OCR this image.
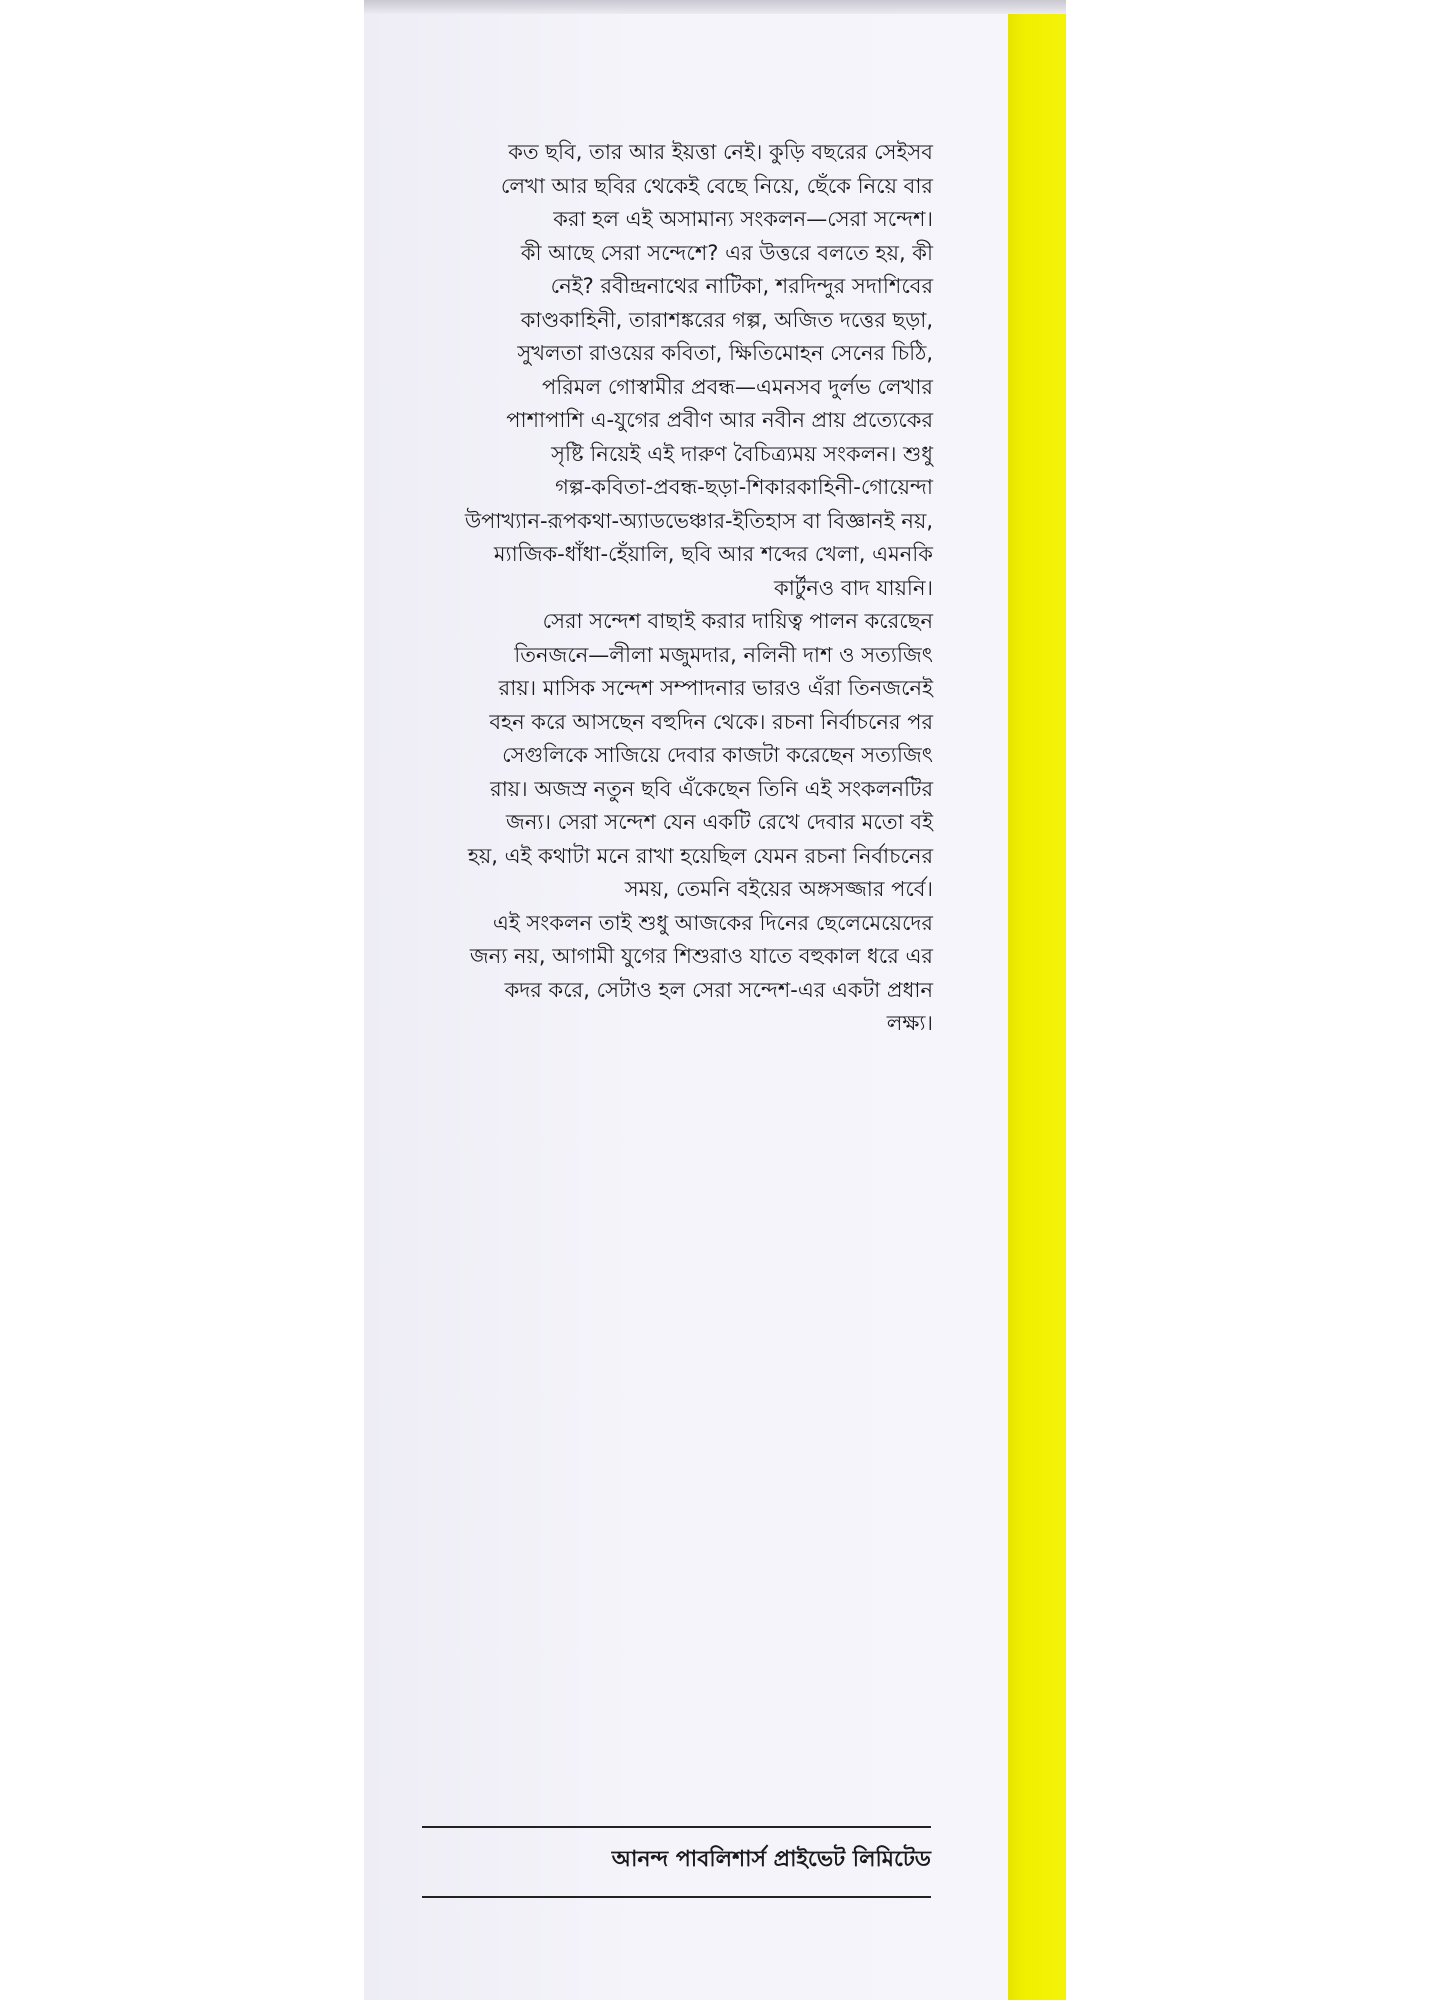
কত ছবি, তার আর ইয়ত্তা নেই। কুড়ি বছরের সেইসব
লেখা আর ছবির থেকেই বেছে নিয়ে, ছেঁকে নিয়ে বার
করা হল এই অসামান্য সংকলন—সেরা সন্দেশ।
কী আছে সেরা সন্দেশে? এর উত্তরে বলতে হয়, কী
নেই? রবীন্দ্রনাথের নাটিকা, শরদিন্দুর সদাশিবের
কাণ্ডকাহিনী, তারাশঙ্করের গল্প, অজিত দত্তের ছড়া,
সুখলতা রাওয়ের কবিতা, ক্ষিতিমোহন সেনের চিঠি,
পরিমল গোস্বামীর প্রবন্ধ—এমনসব দুর্লভ লেখার
পাশাপাশি এ-যুগের প্রবীণ আর নবীন প্রায় প্রত্যেকের
সৃষ্টি নিয়েই এই দারুণ বৈচিত্র্যময় সংকলন। শুধু
গল্প-কবিতা-প্রবন্ধ-ছড়া-শিকারকাহিনী-গোয়েন্দা
উপাখ্যান-রূপকথা-অ্যাডভেঞ্চার-ইতিহাস বা বিজ্ঞানই নয়,
ম্যাজিক-ধাঁধা-হেঁয়ালি, ছবি আর শব্দের খেলা, এমনকি
কার্টুনও বাদ যায়নি।
সেরা সন্দেশ বাছাই করার দায়িত্ব পালন করেছেন
তিনজনে—লীলা মজুমদার, নলিনী দাশ ও সত্যজিৎ
রায়। মাসিক সন্দেশ সম্পাদনার ভারও এঁরা তিনজনেই
বহন করে আসছেন বহুদিন থেকে। রচনা নির্বাচনের পর
সেগুলিকে সাজিয়ে দেবার কাজটা করেছেন সত্যজিৎ
রায়। অজস্র নতুন ছবি এঁকেছেন তিনি এই সংকলনটির
জন্য। সেরা সন্দেশ যেন একটি রেখে দেবার মতো বই
হয়, এই কথাটা মনে রাখা হয়েছিল যেমন রচনা নির্বাচনের
সময়, তেমনি বইয়ের অঙ্গসজ্জার পর্বে।
এই সংকলন তাই শুধু আজকের দিনের ছেলেমেয়েদের
জন্য নয়, আগামী যুগের শিশুরাও যাতে বহুকাল ধরে এর
কদর করে, সেটাও হল সেরা সন্দেশ-এর একটা প্রধান
লক্ষ্য।
আনন্দ পাবলিশার্স প্রাইভেট লিমিটেড
